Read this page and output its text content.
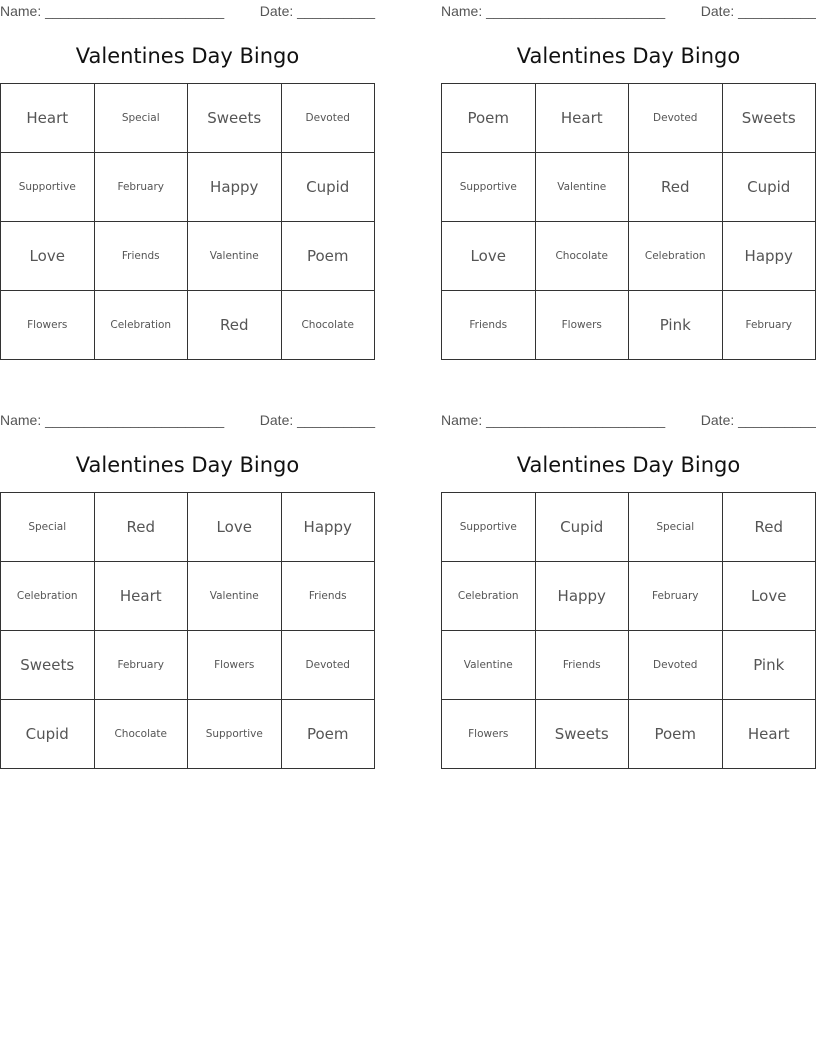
Name: _______________________	Date: __________
Valentines Day Bingo
Heart	Special	Sweets	Devoted
Supportive	February	Happy	Cupid
Love	Friends	Valentine	Poem
Flowers	Celebration	Red	Chocolate
Name: _______________________	Date: __________
Valentines Day Bingo
Poem	Heart	Devoted	Sweets
Supportive	Valentine	Red	Cupid
Love	Chocolate	Celebration	Happy
Friends	Flowers	Pink	February
Name: _______________________	Date: __________
Valentines Day Bingo
Special	Red	Love	Happy
Celebration	Heart	Valentine	Friends
Sweets	February	Flowers	Devoted
Cupid	Chocolate	Supportive	Poem
Name: _______________________	Date: __________
Valentines Day Bingo
Supportive	Cupid	Special	Red
Celebration	Happy	February	Love
Valentine	Friends	Devoted	Pink
Flowers	Sweets	Poem	Heart
